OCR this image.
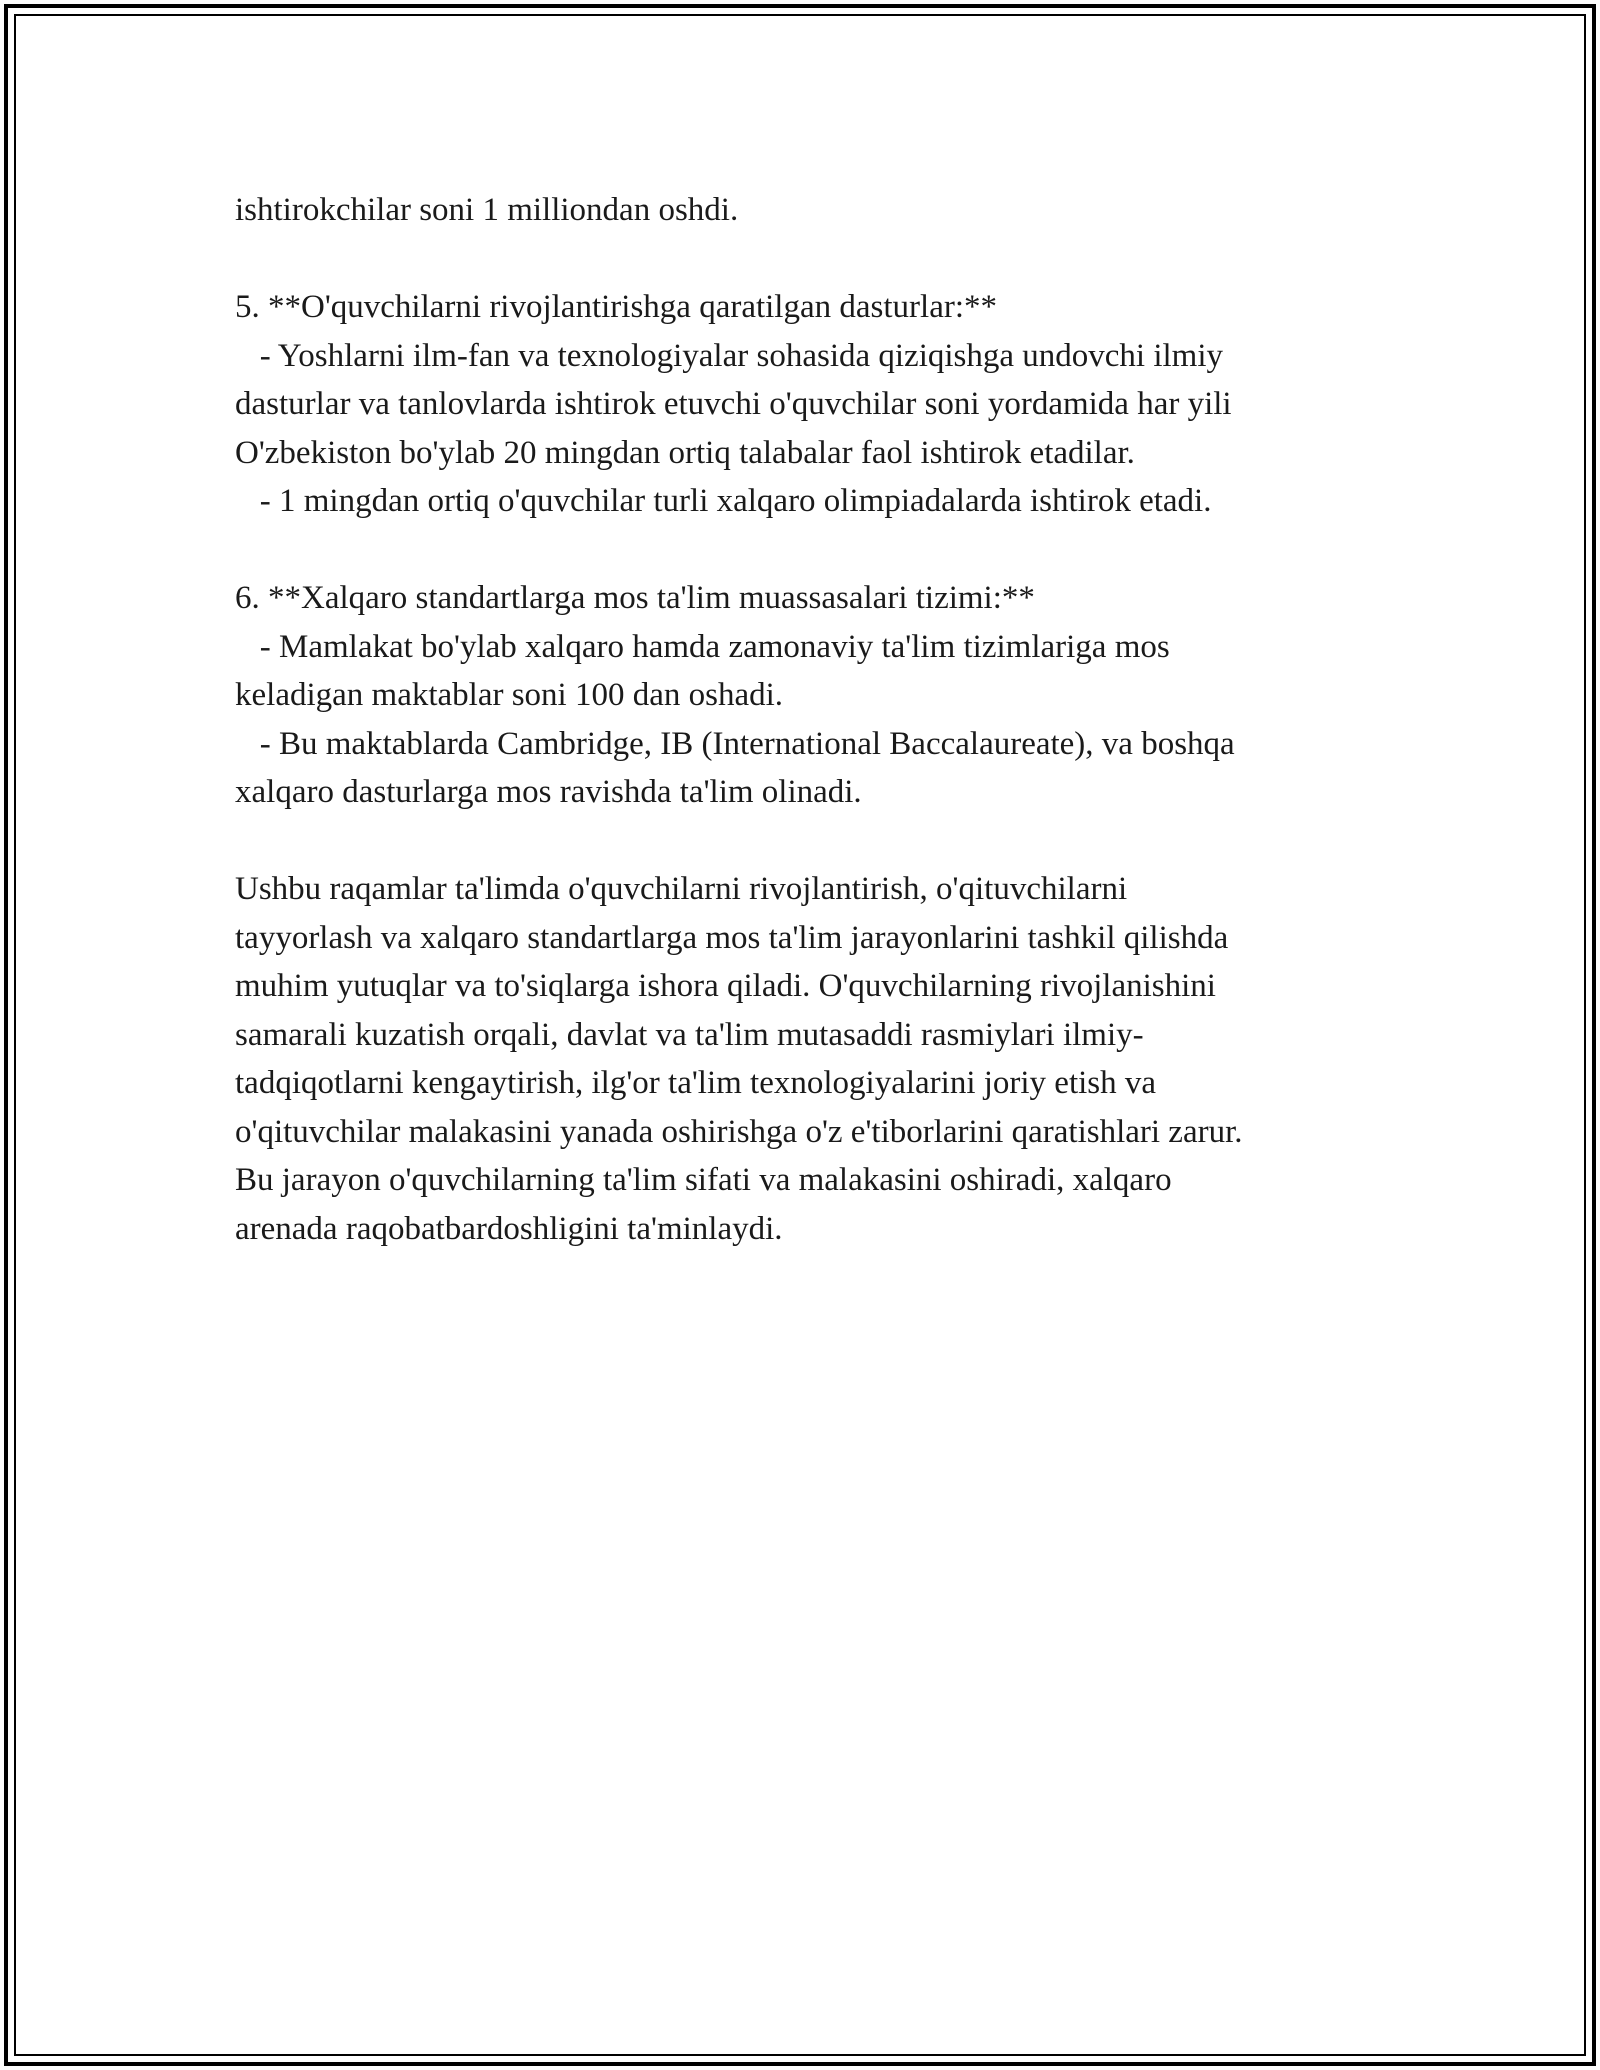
ishtirokchilar soni 1 milliondan oshdi.
5. **O'quvchilarni rivojlantirishga qaratilgan dasturlar:**
- Yoshlarni ilm-fan va texnologiyalar sohasida qiziqishga undovchi ilmiy
dasturlar va tanlovlarda ishtirok etuvchi o'quvchilar soni yordamida har yili
O'zbekiston bo'ylab 20 mingdan ortiq talabalar faol ishtirok etadilar.
- 1 mingdan ortiq o'quvchilar turli xalqaro olimpiadalarda ishtirok etadi.
6. **Xalqaro standartlarga mos ta'lim muassasalari tizimi:**
- Mamlakat bo'ylab xalqaro hamda zamonaviy ta'lim tizimlariga mos
keladigan maktablar soni 100 dan oshadi.
- Bu maktablarda Cambridge, IB (International Baccalaureate), va boshqa
xalqaro dasturlarga mos ravishda ta'lim olinadi.
Ushbu raqamlar ta'limda o'quvchilarni rivojlantirish, o'qituvchilarni
tayyorlash va xalqaro standartlarga mos ta'lim jarayonlarini tashkil qilishda
muhim yutuqlar va to'siqlarga ishora qiladi. O'quvchilarning rivojlanishini
samarali kuzatish orqali, davlat va ta'lim mutasaddi rasmiylari ilmiy-
tadqiqotlarni kengaytirish, ilg'or ta'lim texnologiyalarini joriy etish va
o'qituvchilar malakasini yanada oshirishga o'z e'tiborlarini qaratishlari zarur.
Bu jarayon o'quvchilarning ta'lim sifati va malakasini oshiradi, xalqaro
arenada raqobatbardoshligini ta'minlaydi.
